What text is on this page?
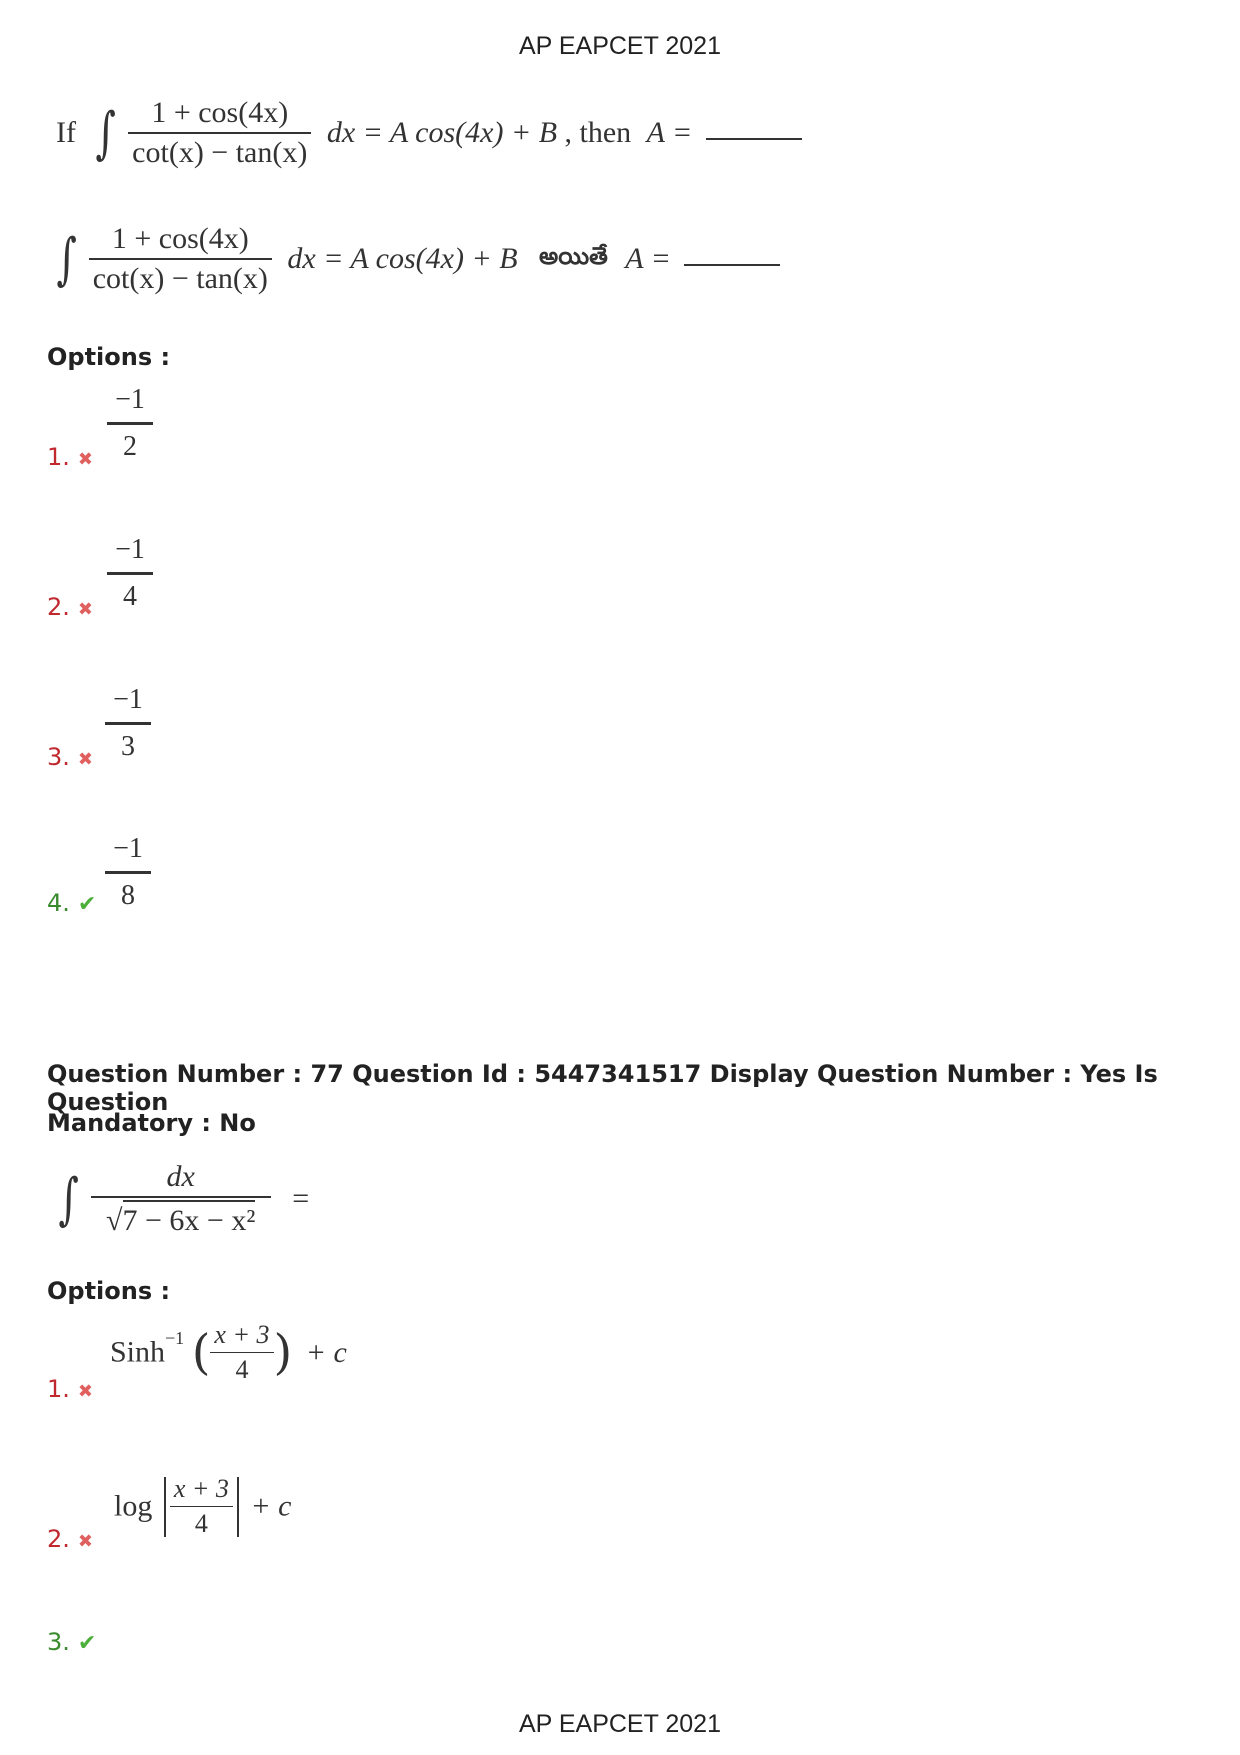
AP EAPCET 2021
If ∫ $\frac{1 + \cos(4x)}{\cot(x) - \tan(x)}$ dx = A cos(4x) + B , then A =
∫ $\frac{1 + \cos(4x)}{\cot(x) - \tan(x)}$ dx = A cos(4x) + B అయితే A =
Options :
1. ✖ $\frac{-1}{2}$
2. ✖ $\frac{-1}{4}$
3. ✖ $\frac{-1}{3}$
4. ✔ $\frac{-1}{8}$
Question Number : 77 Question Id : 5447341517 Display Question Number : Yes Is Question
Mandatory : No
∫ $\frac{dx}{\text{√7 − 6x − x²}}$ =
Options :
1. ✖
Sinh$^{-1}$ ( $\frac{x + 3}{4}$ ) + c
2. ✖
$\log \frac{x + 3}{4} + c$
3. ✔
AP EAPCET 2021
